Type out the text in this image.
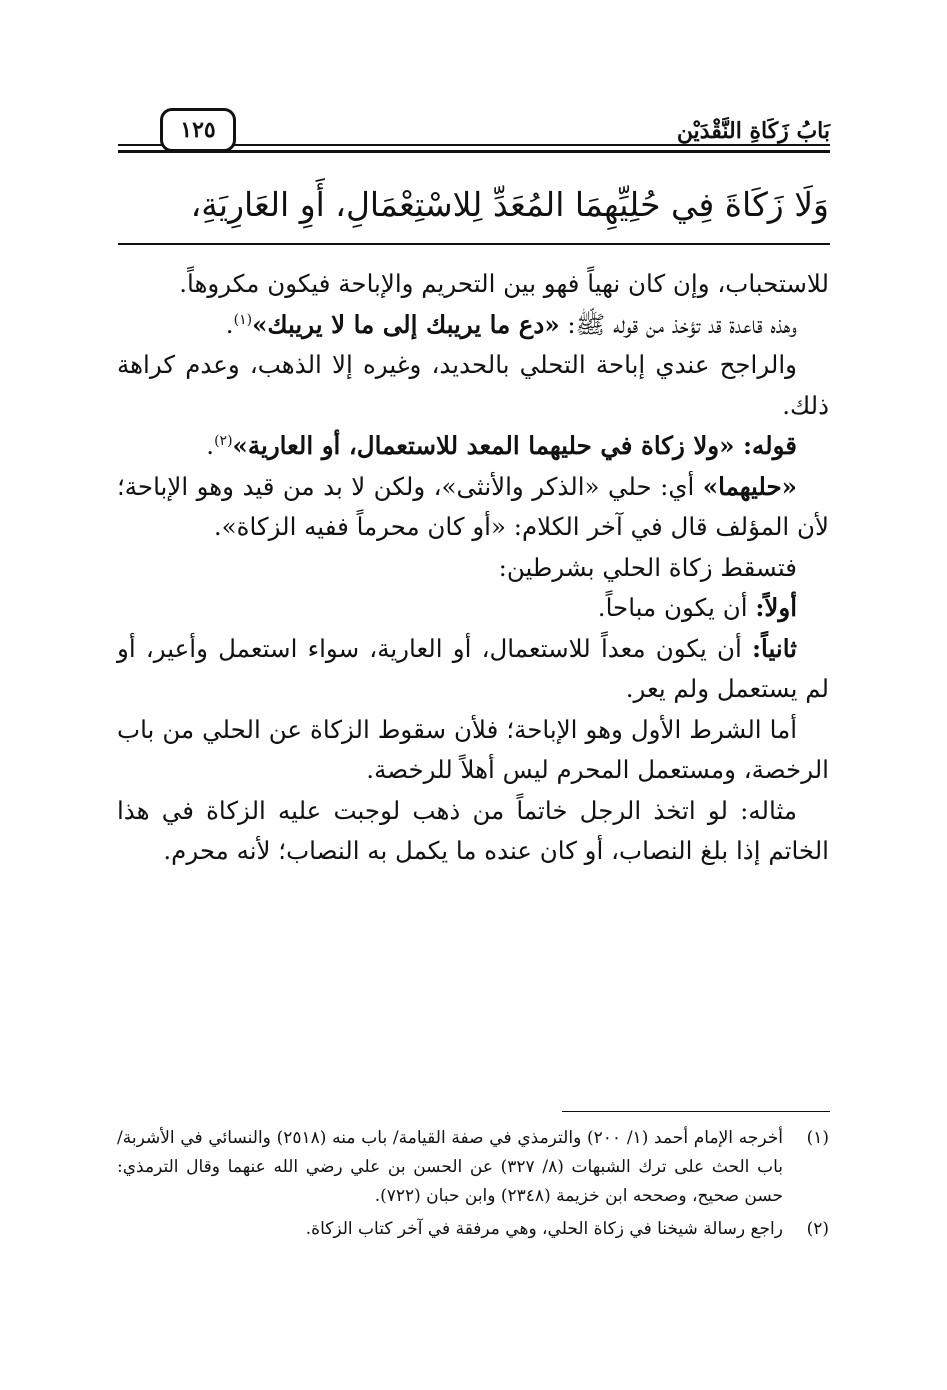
بَابُ زَكَاةِ النَّقْدَيْن
١٢٥
وَلَا زَكَاةَ فِي حُلِيِّهِمَا المُعَدِّ لِلاسْتِعْمَالِ، أَوِ العَارِيَةِ،

للاستحباب، وإن كان نهياً فهو بين التحريم والإباحة فيكون مكروهاً.

وهذه قاعدة قد تؤخذ من قوله ﷺ: «دع ما يريبك إلى ما لا يريبك»$^{(١)}$.

والراجح عندي إباحة التحلي بالحديد، وغيره إلا الذهب، وعدم كراهة ذلك.

قوله: «ولا زكاة في حليهما المعد للاستعمال، أو العارية»$^{(٢)}$.

«حليهما» أي: حلي «الذكر والأنثى»، ولكن لا بد من قيد وهو الإباحة؛ لأن المؤلف قال في آخر الكلام: «أو كان محرماً ففيه الزكاة».

فتسقط زكاة الحلي بشرطين:

أولاً: أن يكون مباحاً.

ثانياً: أن يكون معداً للاستعمال، أو العارية، سواء استعمل وأعير، أو لم يستعمل ولم يعر.

أما الشرط الأول وهو الإباحة؛ فلأن سقوط الزكاة عن الحلي من باب الرخصة، ومستعمل المحرم ليس أهلاً للرخصة.

مثاله: لو اتخذ الرجل خاتماً من ذهب لوجبت عليه الزكاة في هذا الخاتم إذا بلغ النصاب، أو كان عنده ما يكمل به النصاب؛ لأنه محرم.

(١)
أخرجه الإمام أحمد (١/ ٢٠٠) والترمذي في صفة القيامة/ باب منه (٢٥١٨) والنسائي في الأشربة/ باب الحث على ترك الشبهات (٨/ ٣٢٧) عن الحسن بن علي رضي الله عنهما وقال الترمذي: حسن صحيح، وصححه ابن خزيمة (٢٣٤٨) وابن حبان (٧٢٢).
(٢)
راجع رسالة شيخنا في زكاة الحلي، وهي مرفقة في آخر كتاب الزكاة.
